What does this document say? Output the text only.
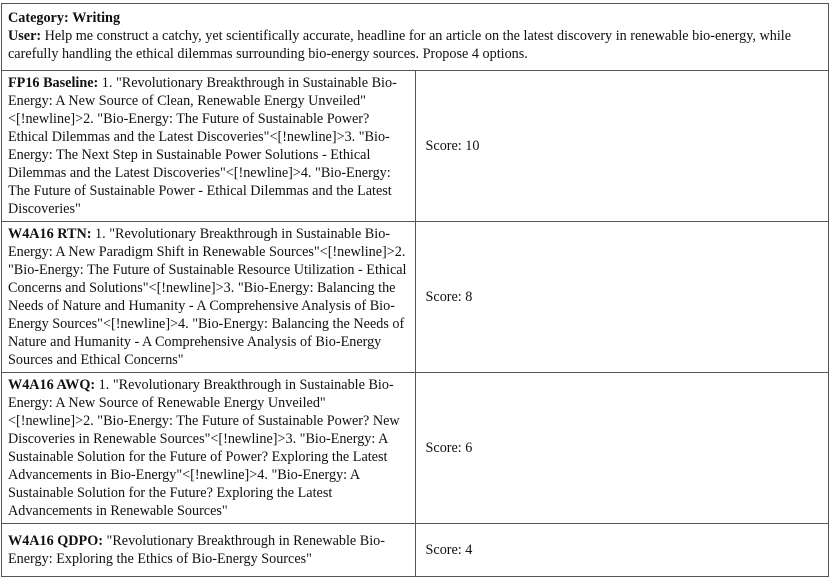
Category: Writing
User: Help me construct a catchy, yet scientifically accurate, headline for an article on the latest discovery in renewable bio-energy, while carefully handling the ethical dilemmas surrounding bio-energy sources. Propose 4 options.	

FP16 Baseline: 1. "Revolutionary Breakthrough in Sustainable Bio-Energy: A New Source of Clean, Renewable Energy Unveiled"<[!newline]>2. "Bio-Energy: The Future of Sustainable Power? Ethical Dilemmas and the Latest Discoveries"<[!newline]>3. "Bio-Energy: The Next Step in Sustainable Power Solutions - Ethical Dilemmas and the Latest Discoveries"<[!newline]>4. "Bio-Energy: The Future of Sustainable Power - Ethical Dilemmas and the Latest Discoveries"	Score: 10
W4A16 RTN: 1. "Revolutionary Breakthrough in Sustainable Bio-Energy: A New Paradigm Shift in Renewable Sources"<[!newline]>2. "Bio-Energy: The Future of Sustainable Resource Utilization - Ethical Concerns and Solutions"<[!newline]>3. "Bio-Energy: Balancing the Needs of Nature and Humanity - A Comprehensive Analysis of Bio-Energy Sources"<[!newline]>4. "Bio-Energy: Balancing the Needs of Nature and Humanity - A Comprehensive Analysis of Bio-Energy Sources and Ethical Concerns"	Score: 8
W4A16 AWQ: 1. "Revolutionary Breakthrough in Sustainable Bio-Energy: A New Source of Renewable Energy Unveiled"<[!newline]>2. "Bio-Energy: The Future of Sustainable Power? New Discoveries in Renewable Sources"<[!newline]>3. "Bio-Energy: A Sustainable Solution for the Future of Power? Exploring the Latest Advancements in Bio-Energy"<[!newline]>4. "Bio-Energy: A Sustainable Solution for the Future? Exploring the Latest Advancements in Renewable Sources"	Score: 6
W4A16 QDPO: "Revolutionary Breakthrough in Renewable Bio-Energy: Exploring the Ethics of Bio-Energy Sources"	Score: 4
